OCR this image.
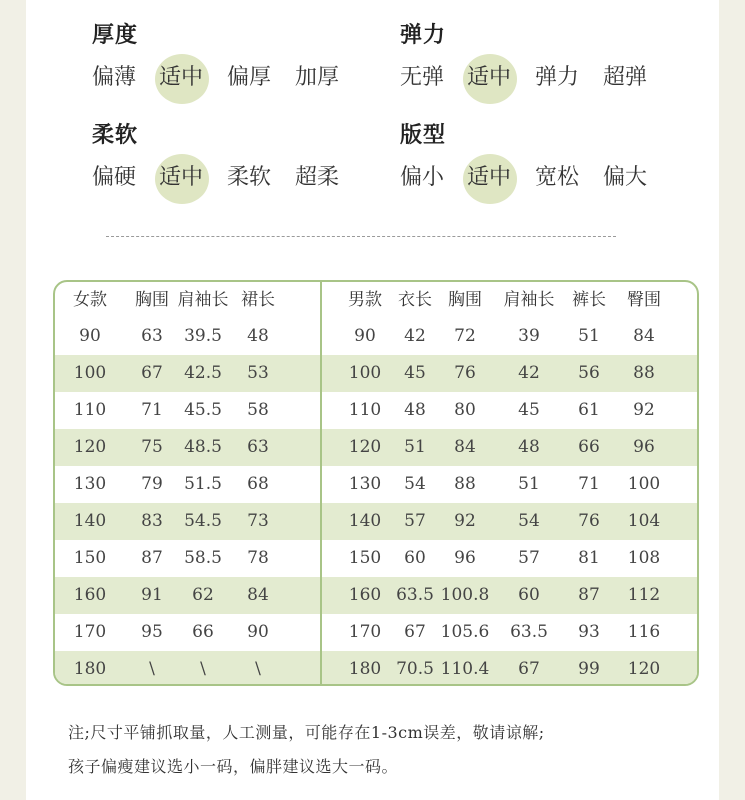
厚度
偏薄 适中 偏厚 加厚
弹力
无弹 适中 弹力 超弹
柔软
偏硬 适中 柔软 超柔
版型
偏小 适中 宽松 偏大
女款	胸围 肩袖长 裙长	男款 衣长 胸围	肩袖长	裤长	臀围
90	63	39.5	48	90	42	72	39	51	84
100	67	42.5	53	100	45	76	42	56	88
110	71	45.5	58	110	48	80	45	61	92
120	75	48.5	63	120	51	84	48	66	96
130	79	51.5	68	130	54	88	51	71	100
140	83	54.5	73	140	57	92	54	76	104
150	87	58.5	78	150	60	96	57	81	108
160	91	62	84	160 63.5 100.8	60	87	112
170	95	66	90	170	67 105.6	63.5	93	116
180	\	\	\	180 70.5 110.4	67	99	120
注;尺寸平铺抓取量，人工测量，可能存在1-3cm误差，敬请谅解;
孩子偏瘦建议选小一码，偏胖建议选大一码。
